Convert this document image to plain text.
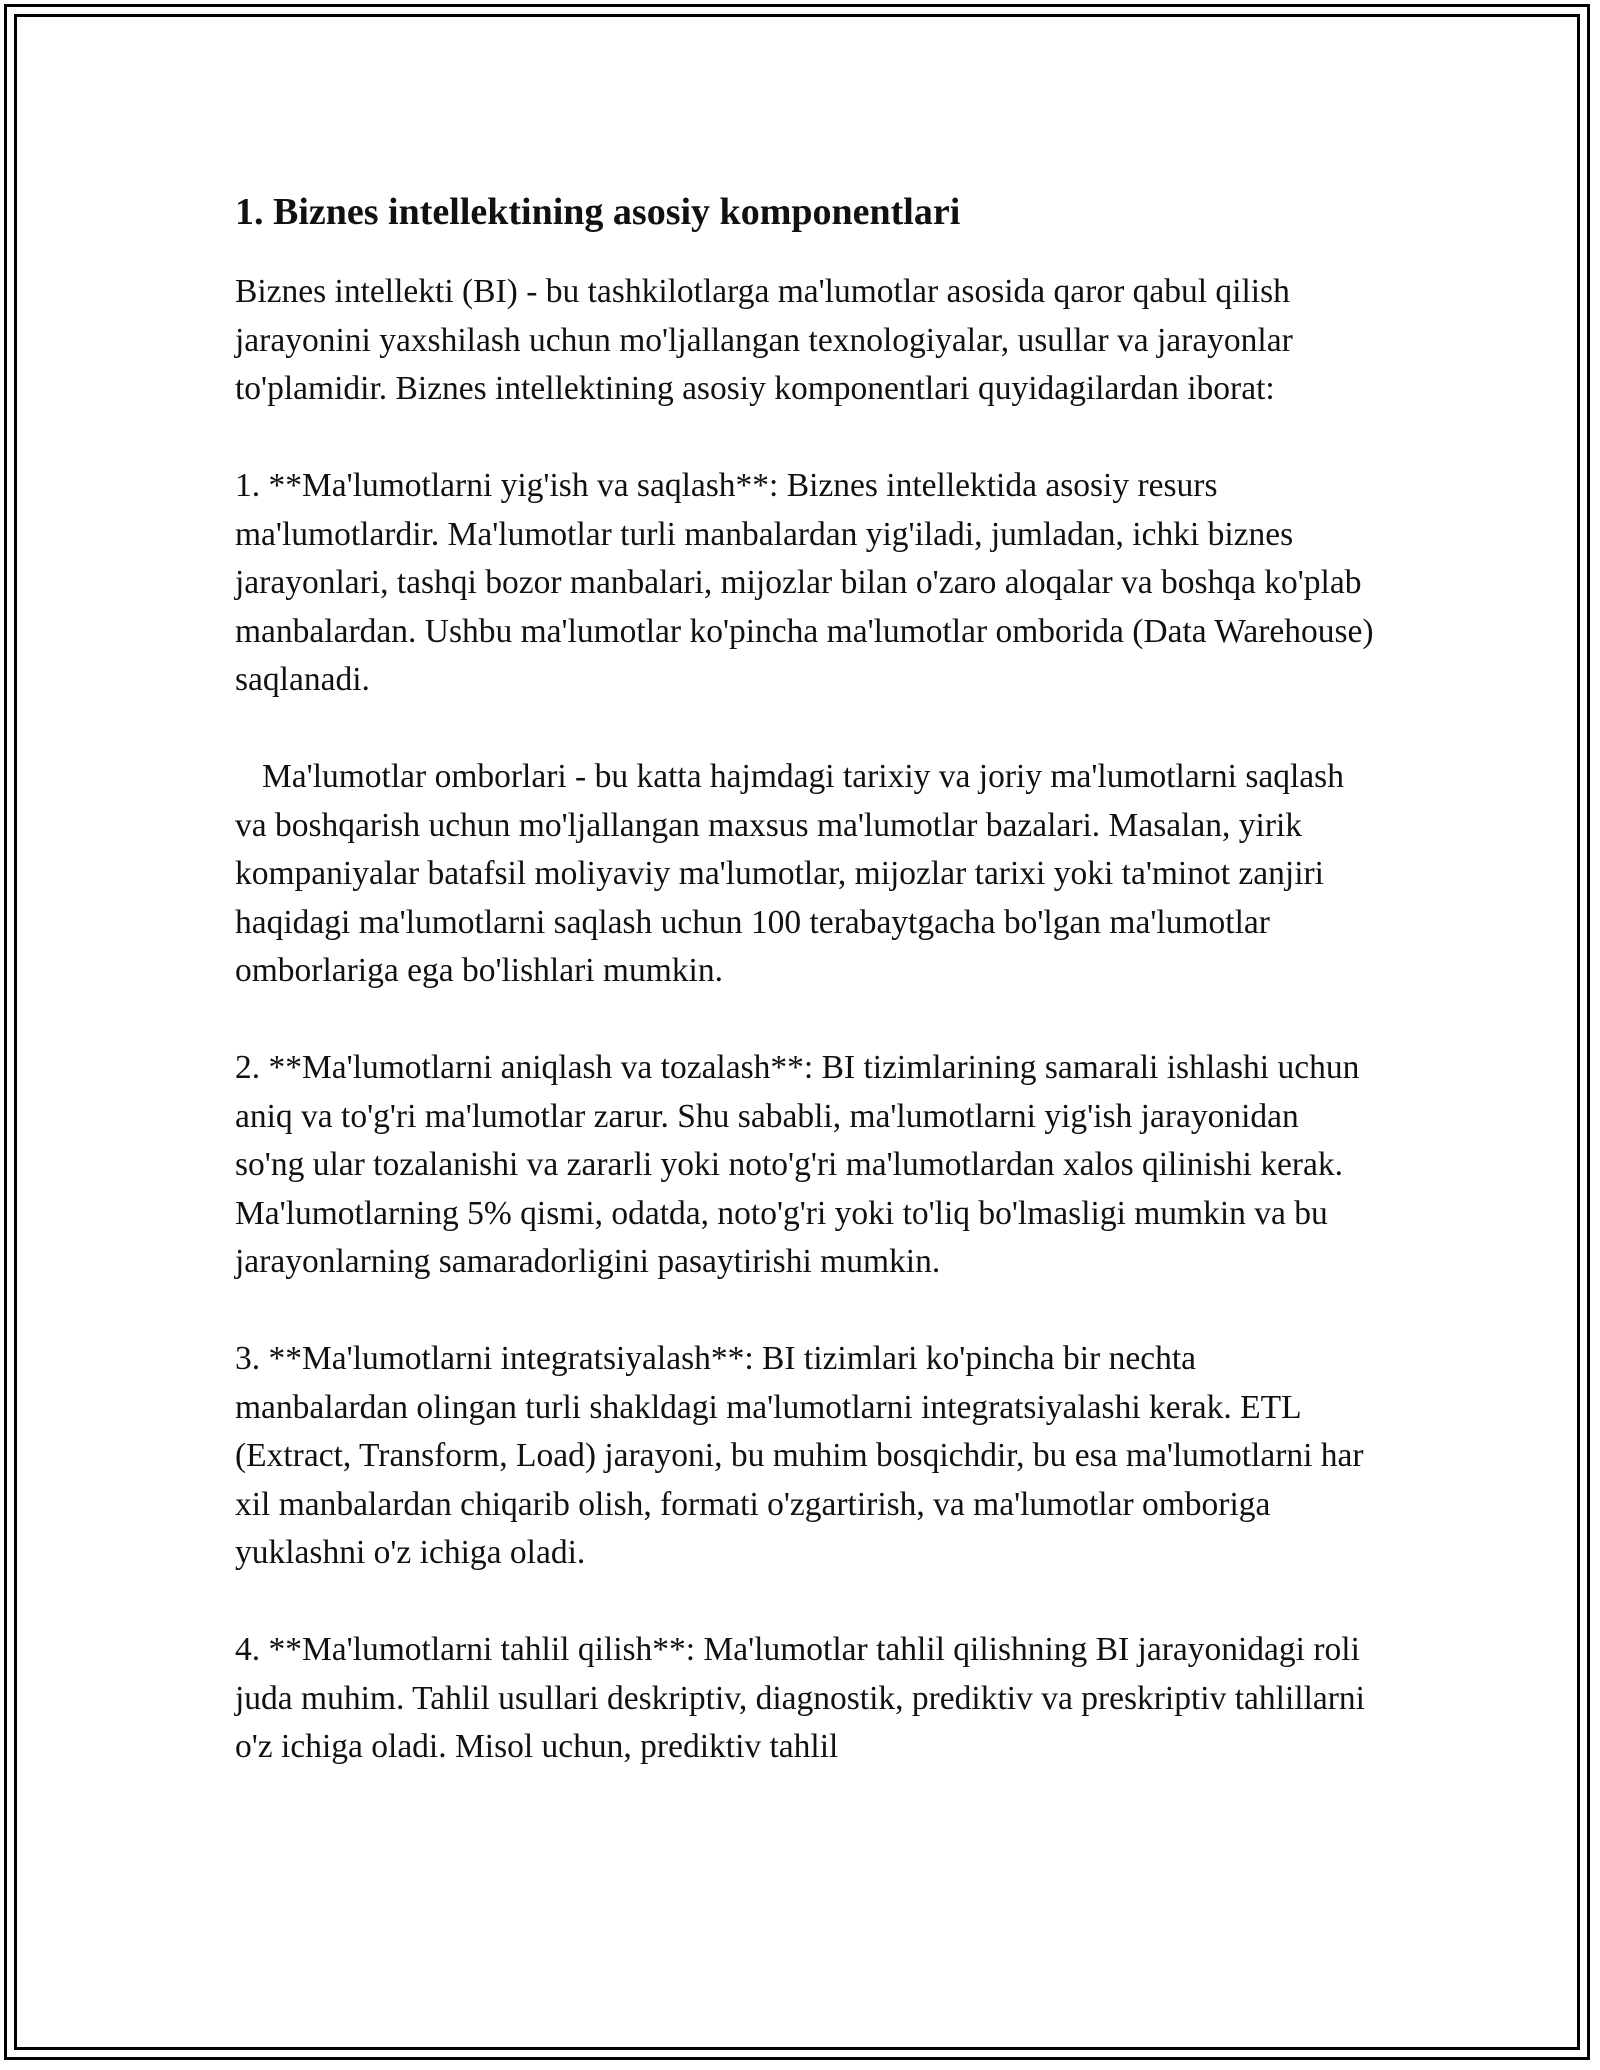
1. Biznes intellektining asosiy komponentlari

Biznes intellekti (BI) - bu tashkilotlarga ma'lumotlar asosida qaror qabul qilish jarayonini yaxshilash uchun mo'ljallangan texnologiyalar, usullar va jarayonlar to'plamidir. Biznes intellektining asosiy komponentlari quyidagilardan iborat:

1. **Ma'lumotlarni yig'ish va saqlash**: Biznes intellektida asosiy resurs ma'lumotlardir. Ma'lumotlar turli manbalardan yig'iladi, jumladan, ichki biznes jarayonlari, tashqi bozor manbalari, mijozlar bilan o'zaro aloqalar va boshqa ko'plab manbalardan. Ushbu ma'lumotlar ko'pincha ma'lumotlar omborida (Data Warehouse) saqlanadi.

Ma'lumotlar omborlari - bu katta hajmdagi tarixiy va joriy ma'lumotlarni saqlash va boshqarish uchun mo'ljallangan maxsus ma'lumotlar bazalari. Masalan, yirik kompaniyalar batafsil moliyaviy ma'lumotlar, mijozlar tarixi yoki ta'minot zanjiri haqidagi ma'lumotlarni saqlash uchun 100 terabaytgacha bo'lgan ma'lumotlar omborlariga ega bo'lishlari mumkin.

2. **Ma'lumotlarni aniqlash va tozalash**: BI tizimlarining samarali ishlashi uchun aniq va to'g'ri ma'lumotlar zarur. Shu sababli, ma'lumotlarni yig'ish jarayonidan so'ng ular tozalanishi va zararli yoki noto'g'ri ma'lumotlardan xalos qilinishi kerak. Ma'lumotlarning 5% qismi, odatda, noto'g'ri yoki to'liq bo'lmasligi mumkin va bu jarayonlarning samaradorligini pasaytirishi mumkin.

3. **Ma'lumotlarni integratsiyalash**: BI tizimlari ko'pincha bir nechta manbalardan olingan turli shakldagi ma'lumotlarni integratsiyalashi kerak. ETL (Extract, Transform, Load) jarayoni, bu muhim bosqichdir, bu esa ma'lumotlarni har xil manbalardan chiqarib olish, formati o'zgartirish, va ma'lumotlar omboriga yuklashni o'z ichiga oladi.

4. **Ma'lumotlarni tahlil qilish**: Ma'lumotlar tahlil qilishning BI jarayonidagi roli juda muhim. Tahlil usullari deskriptiv, diagnostik, prediktiv va preskriptiv tahlillarni o'z ichiga oladi. Misol uchun, prediktiv tahlil
